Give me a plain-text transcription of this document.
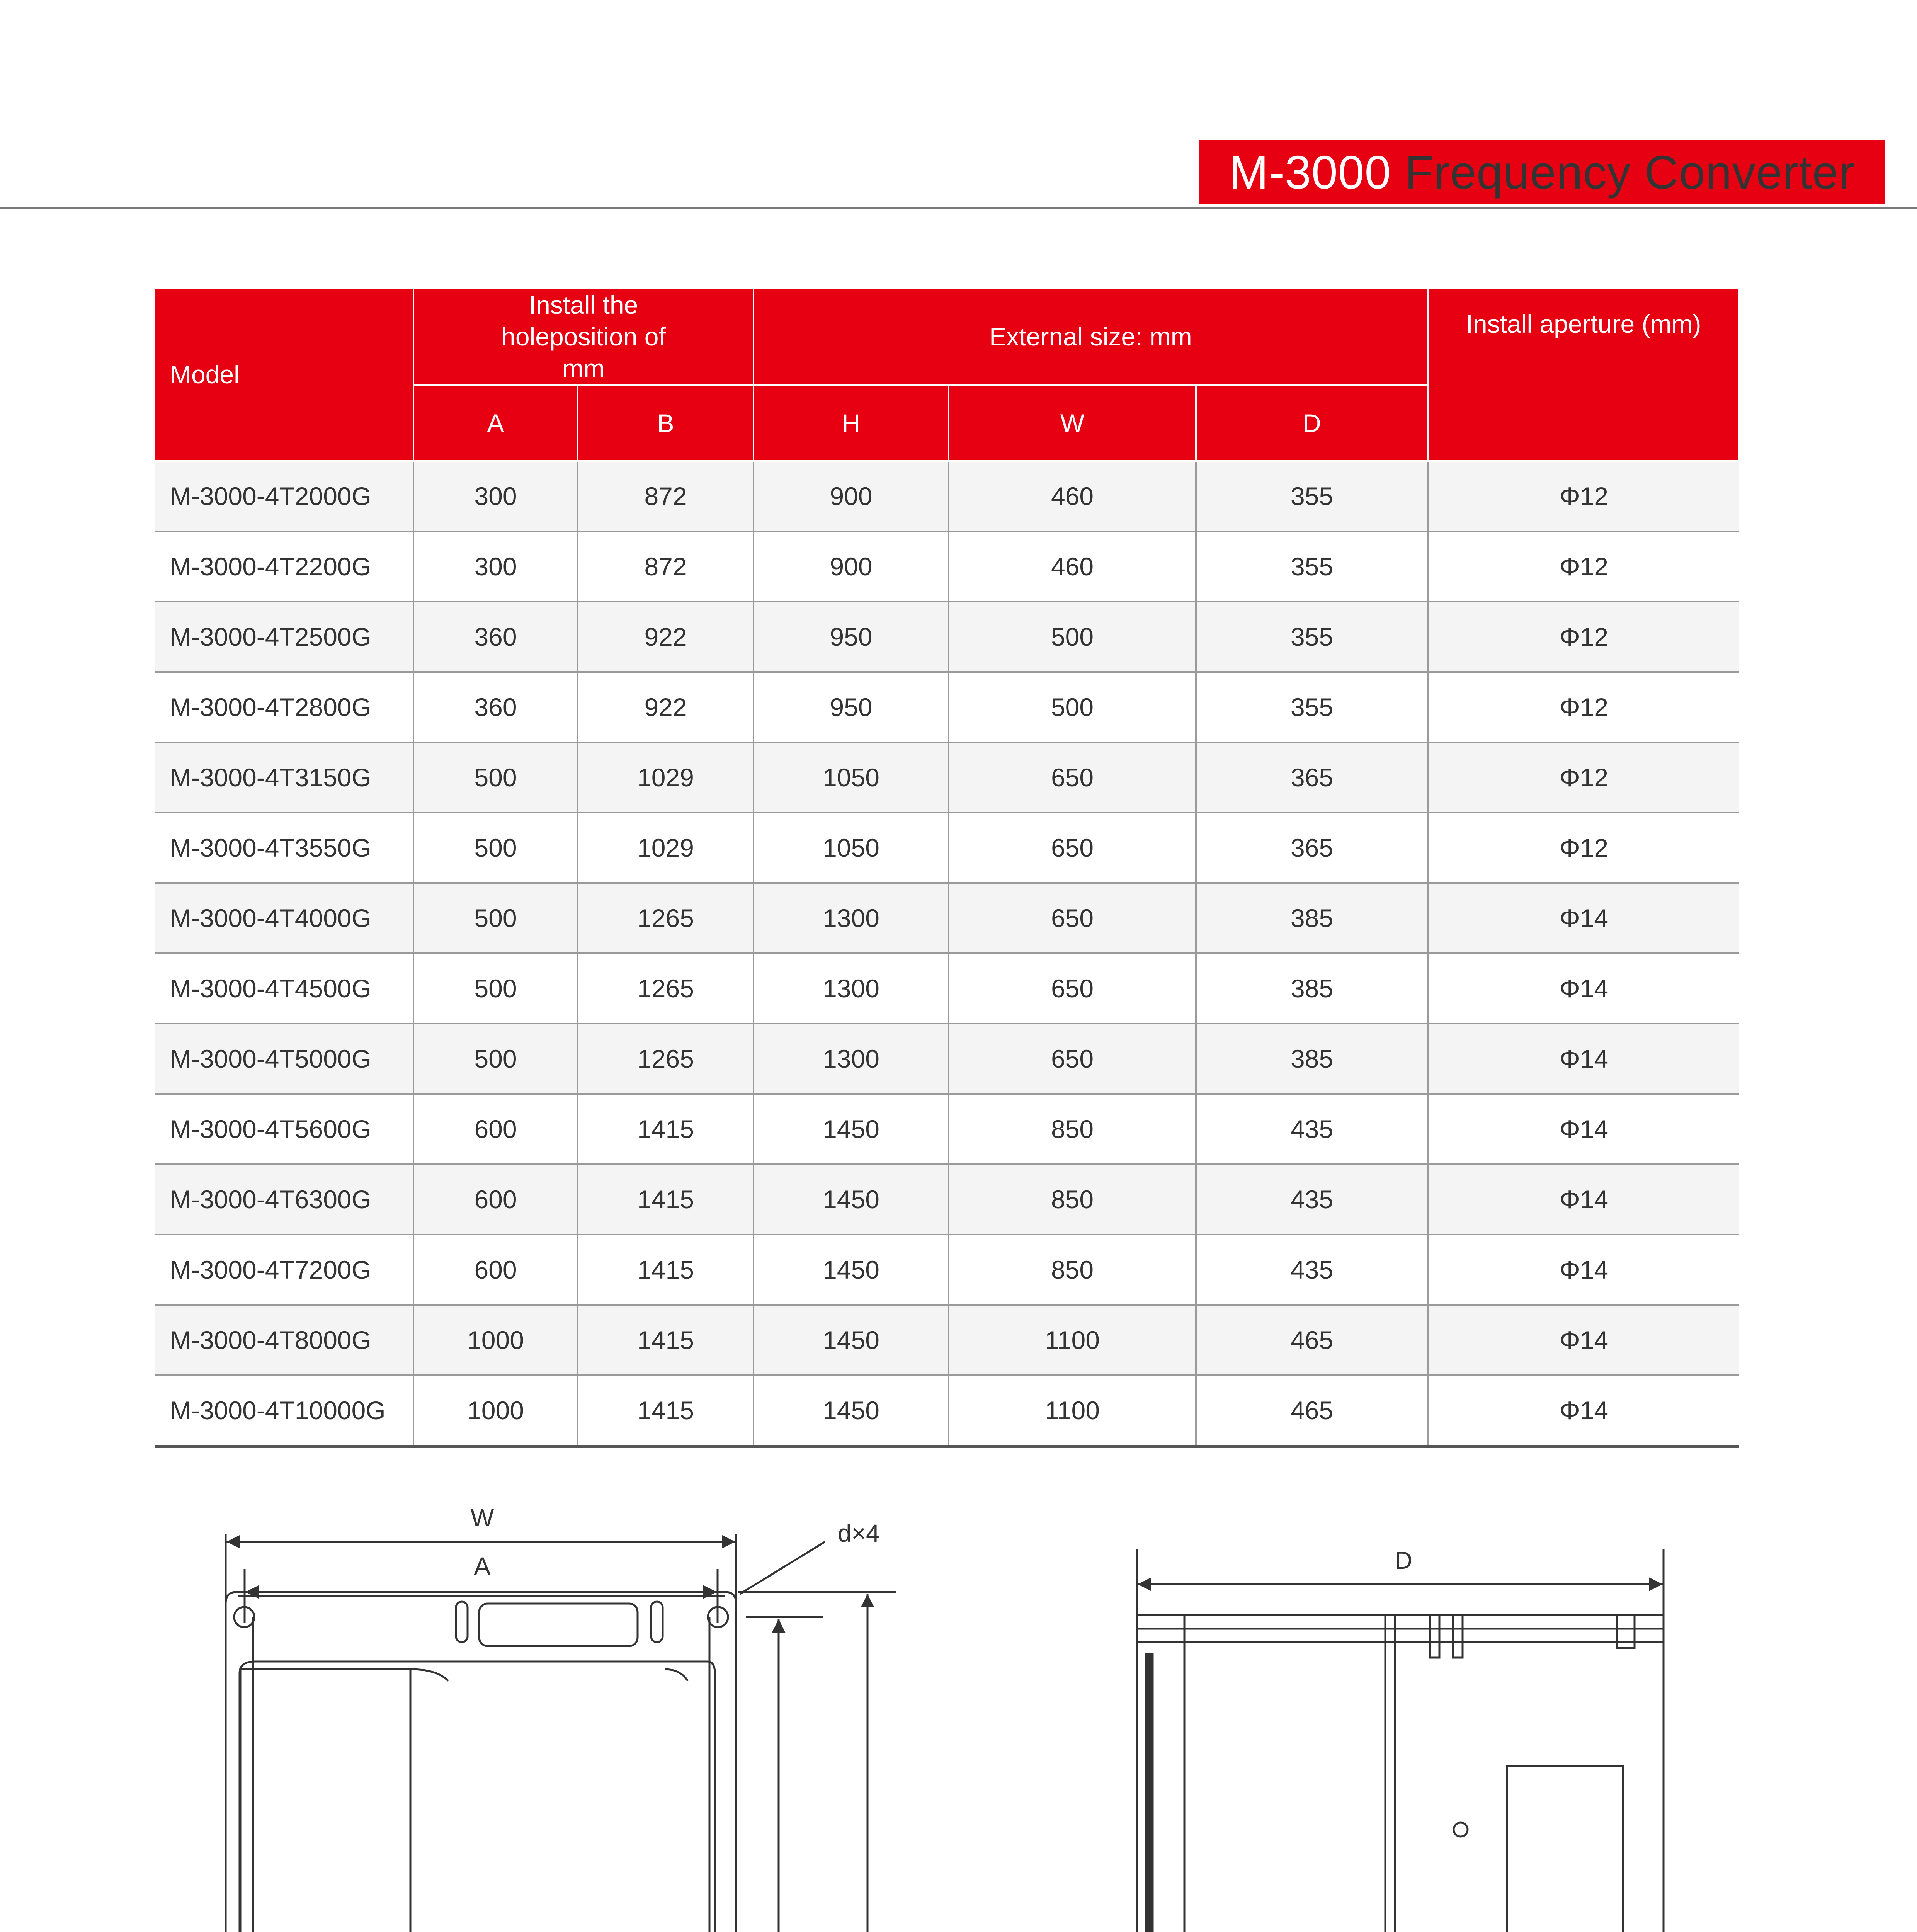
M-3000
Frequency Converter
Model	Install the holeposition of mm		External size: mm			Install aperture (mm)
	A	B	H	W	D	
M-3000-4T2000G	300	872	900	460	355	Φ12
M-3000-4T2200G	300	872	900	460	355	Φ12
M-3000-4T2500G	360	922	950	500	355	Φ12
M-3000-4T2800G	360	922	950	500	355	Φ12
M-3000-4T3150G	500	1029	1050	650	365	Φ12
M-3000-4T3550G	500	1029	1050	650	365	Φ12
M-3000-4T4000G	500	1265	1300	650	385	Φ14
M-3000-4T4500G	500	1265	1300	650	385	Φ14
M-3000-4T5000G	500	1265	1300	650	385	Φ14
M-3000-4T5600G	600	1415	1450	850	435	Φ14
M-3000-4T6300G	600	1415	1450	850	435	Φ14
M-3000-4T7200G	600	1415	1450	850	435	Φ14
M-3000-4T8000G	1000	1415	1450	1100	465	Φ14
M-3000-4T10000G	1000	1415	1450	1100	465	Φ14
W
A
d×4
D
